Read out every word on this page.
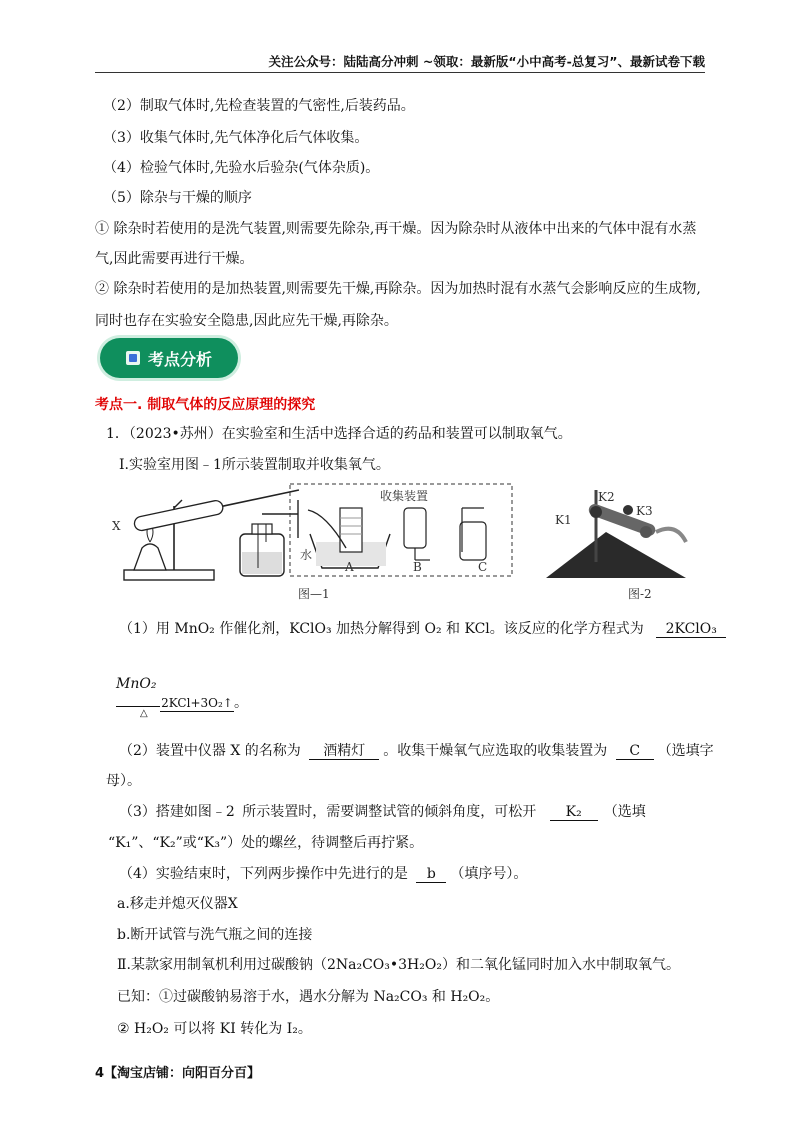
关注公众号：陆陆高分冲刺 ~领取：最新版“小中高考-总复习”、最新试卷下载
（2）制取气体时,先检查装置的气密性,后装药品。
（3）收集气体时,先气体净化后气体收集。
（4）检验气体时,先验水后验杂(气体杂质)。
（5）除杂与干燥的顺序
① 除杂时若使用的是洗气装置,则需要先除杂,再干燥。因为除杂时从液体中出来的气体中混有水蒸
气,因此需要再进行干燥。
② 除杂时若使用的是加热装置,则需要先干燥,再除杂。因为加热时混有水蒸气会影响反应的生成物,
同时也存在实验安全隐患,因此应先干燥,再除杂。
考点分析
考点一. 制取气体的反应原理的探究
1．（2023•苏州）在实验室和生活中选择合适的药品和装置可以制取氧气。
Ⅰ.实验室用图﹣1所示装置制取并收集氧气。
X
收集装置
水
A	B	C
图—1
K1
K2
K3
图-2
（1）用 MnO₂ 作催化剂，KClO₃ 加热分解得到 O₂ 和 KCl。该反应的化学方程式为 2KClO₃
MnO₂
2KCl+3O₂↑。
△
（2）装置中仪器 X 的名称为 酒精灯 。收集干燥氧气应选取的收集装置为 C （选填字
母）。
（3）搭建如图﹣2 所示装置时，需要调整试管的倾斜角度，可松开 K₂ （选填
“K₁”、“K₂”或“K₃”）处的螺丝，待调整后再拧紧。
（4）实验结束时，下列两步操作中先进行的是 b （填序号）。
a.移走并熄灭仪器X
b.断开试管与洗气瓶之间的连接
Ⅱ.某款家用制氧机利用过碳酸钠（2Na₂CO₃•3H₂O₂）和二氧化锰同时加入水中制取氧气。
已知：①过碳酸钠易溶于水，遇水分解为 Na₂CO₃ 和 H₂O₂。
② H₂O₂ 可以将 KI 转化为 I₂。
4【淘宝店铺：向阳百分百】
